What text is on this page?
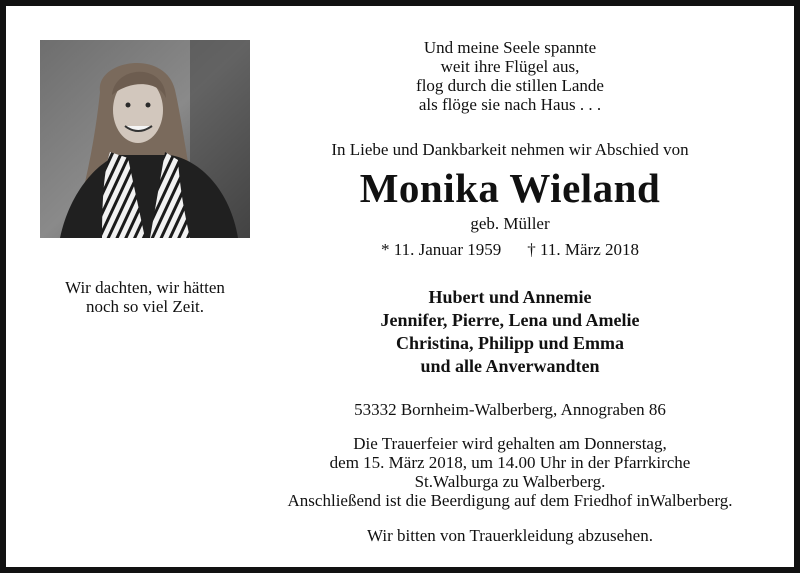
Und meine Seele spannte
weit ihre Flügel aus,
flog durch die stillen Lande
als flöge sie nach Haus . . .
Wir dachten, wir hätten
noch so viel Zeit.
In Liebe und Dankbarkeit nehmen wir Abschied von
Monika Wieland
geb. Müller
* 11. Januar 1959 † 11. März 2018
Hubert und Annemie
Jennifer, Pierre, Lena und Amelie
Christina, Philipp und Emma
und alle Anverwandten
53332 Bornheim-Walberberg, Annograben 86
Die Trauerfeier wird gehalten am Donnerstag,
dem 15. März 2018, um 14.00 Uhr in der Pfarrkirche
St.Walburga zu Walberberg.
Anschließend ist die Beerdigung auf dem Friedhof inWalberberg.
Wir bitten von Trauerkleidung abzusehen.
